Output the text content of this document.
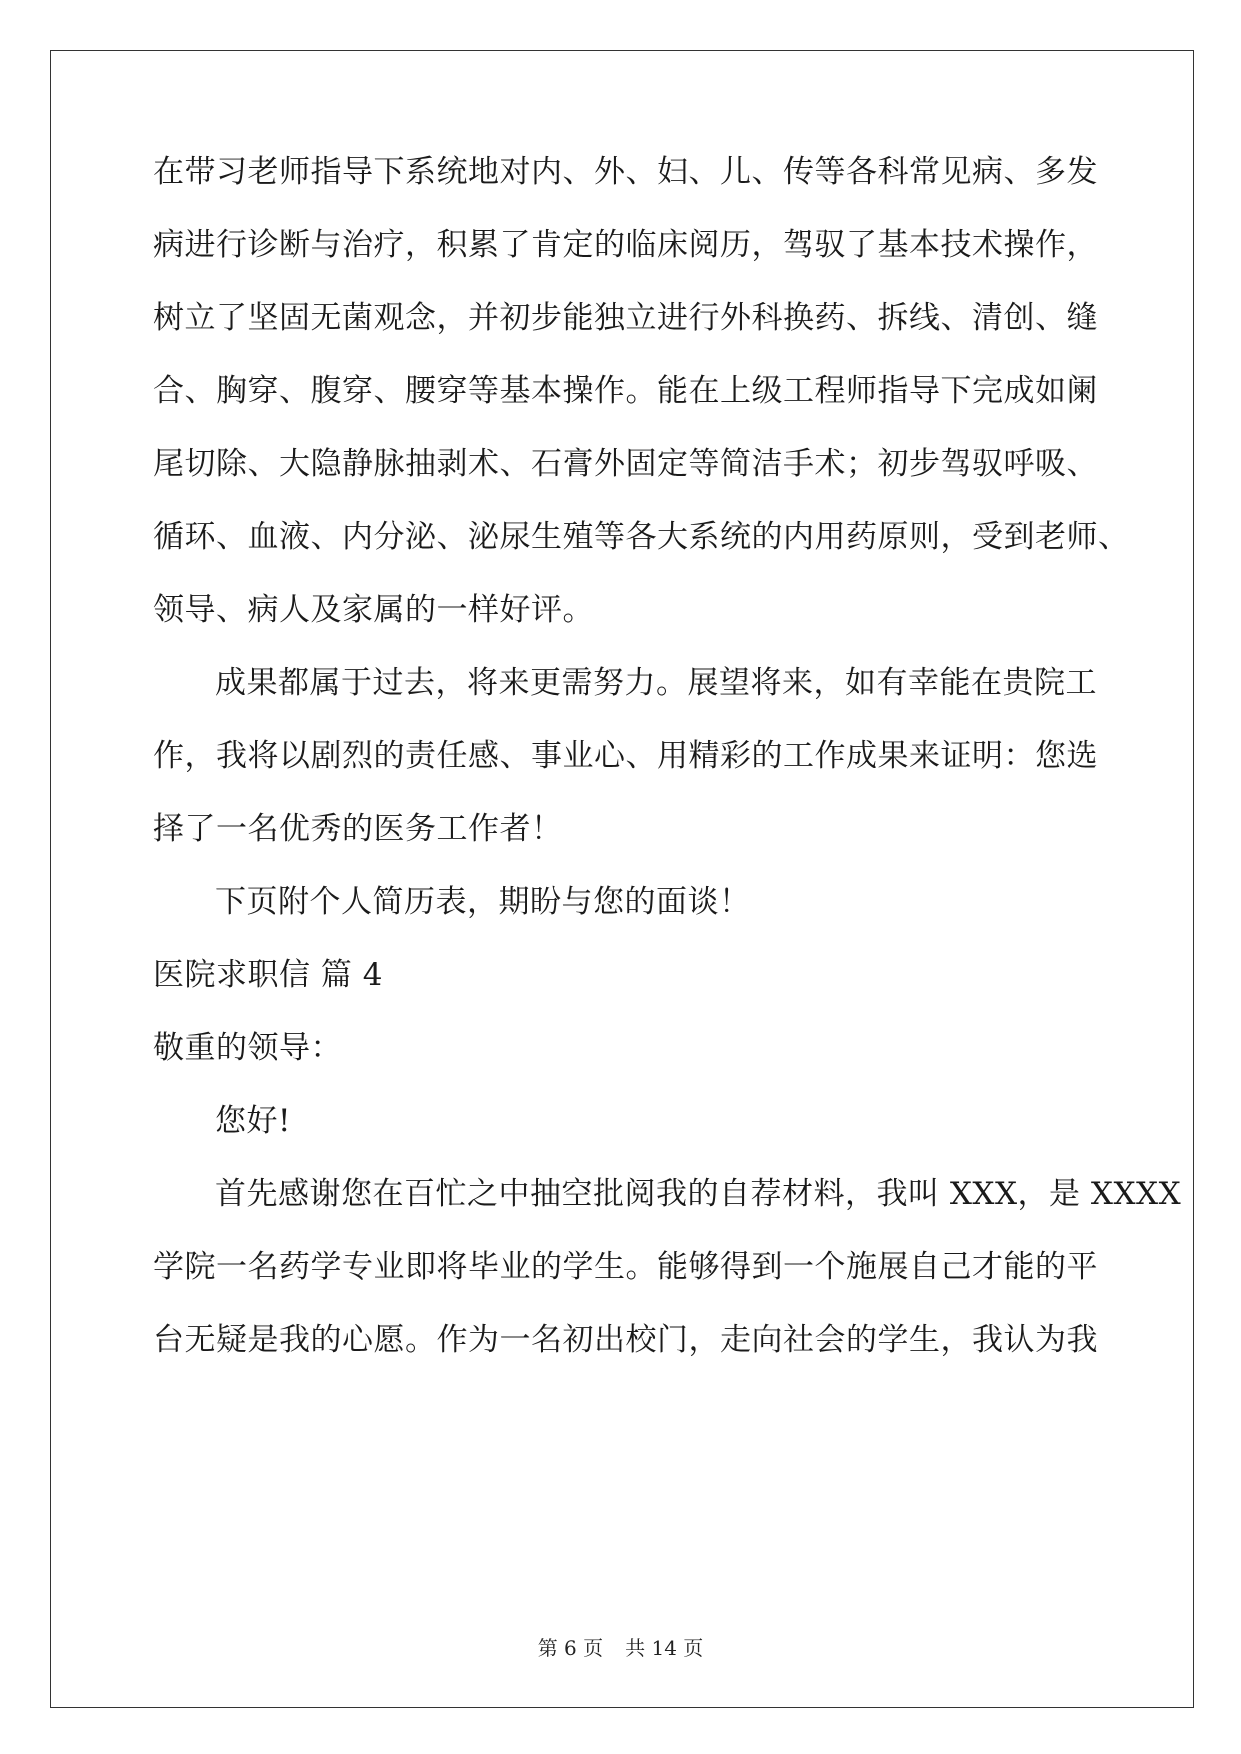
在带习老师指导下系统地对内、外、妇、儿、传等各科常见病、多发
病进行诊断与治疗，积累了肯定的临床阅历，驾驭了基本技术操作，
树立了坚固无菌观念，并初步能独立进行外科换药、拆线、清创、缝
合、胸穿、腹穿、腰穿等基本操作。能在上级工程师指导下完成如阑
尾切除、大隐静脉抽剥术、石膏外固定等简洁手术；初步驾驭呼吸、
循环、血液、内分泌、泌尿生殖等各大系统的内用药原则，受到老师、
领导、病人及家属的一样好评。
成果都属于过去，将来更需努力。展望将来，如有幸能在贵院工
作，我将以剧烈的责任感、事业心、用精彩的工作成果来证明：您选
择了一名优秀的医务工作者！
下页附个人简历表，期盼与您的面谈！
医院求职信 篇 4
敬重的领导：
您好!
首先感谢您在百忙之中抽空批阅我的自荐材料，我叫 XXX，是 XXXX
学院一名药学专业即将毕业的学生。能够得到一个施展自己才能的平
台无疑是我的心愿。作为一名初出校门，走向社会的学生，我认为我
第 6 页 共 14 页
